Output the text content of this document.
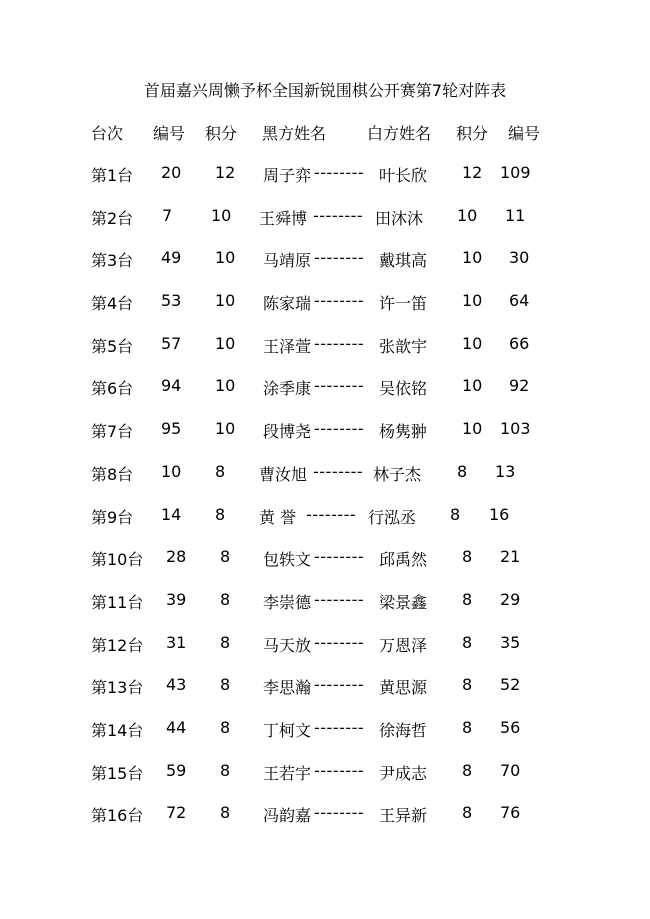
首届嘉兴周懒予杯全国新锐围棋公开赛第7轮对阵表
台次 编号 积分 黑方姓名	白方姓名 积分 编号
第1台 20 12 周子弈 -------- 叶长欣 12 109
第2台 7 10 王舜博 -------- 田沐沐 10 11
第3台 49 10 马靖原 -------- 戴琪高 10 30
第4台 53 10 陈家瑞 -------- 许一笛 10 64
第5台 57 10 王泽萱 -------- 张歆宇 10 66
第6台 94 10 涂季康 -------- 吴依铭 10 92
第7台 95 10 段博尧 -------- 杨隽翀 10 103
第8台 10 8 曹汝旭 -------- 林子杰 8 13
第9台 14 8 黄 誉 -------- 行泓丞 8 16
第10台 28 8 包轶文 -------- 邱禹然 8 21
第11台 39 8 李崇德 -------- 梁景鑫 8 29
第12台 31 8 马天放 -------- 万恩泽 8 35
第13台 43 8 李思瀚 -------- 黄思源 8 52
第14台 44 8 丁柯文 -------- 徐海哲 8 56
第15台 59 8 王若宇 -------- 尹成志 8 70
第16台 72 8 冯韵嘉 -------- 王异新 8 76
